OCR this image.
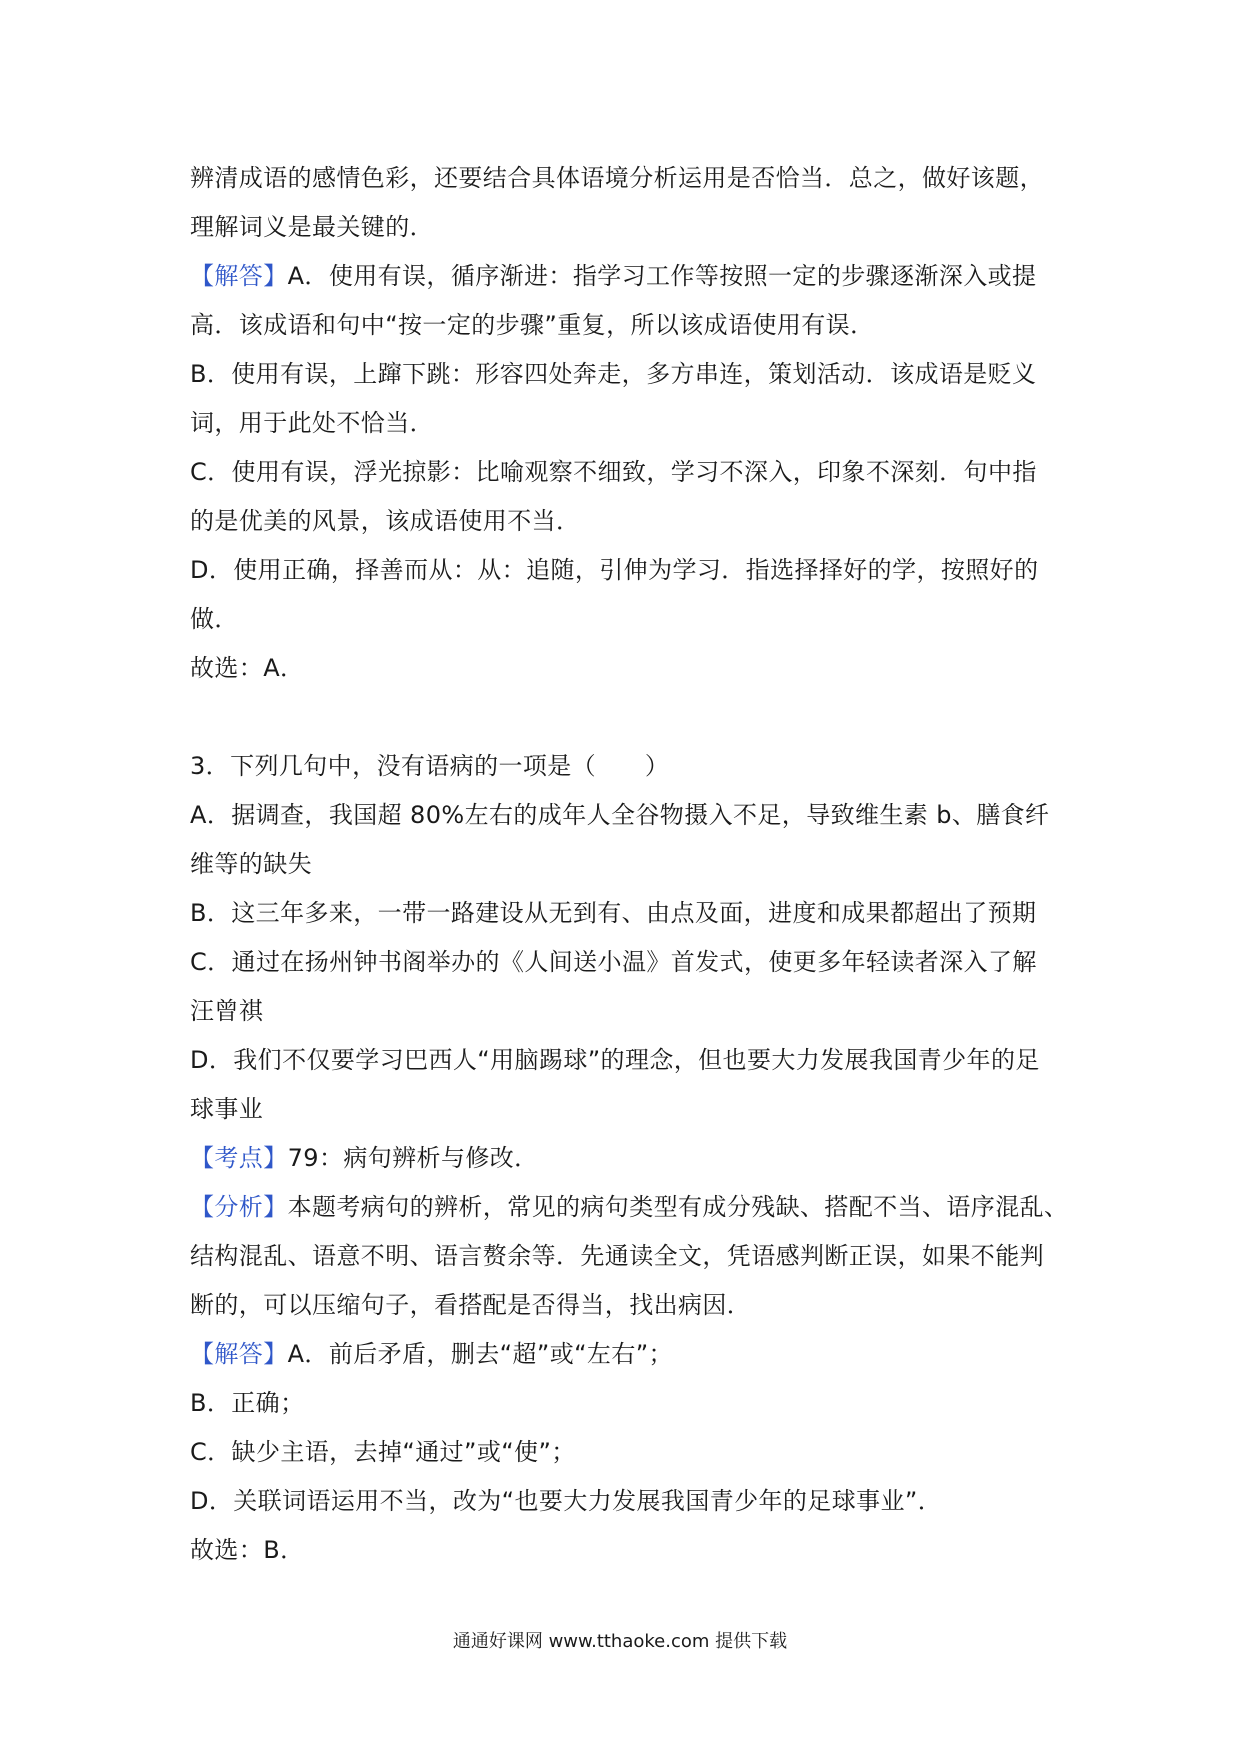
辨清成语的感情色彩，还要结合具体语境分析运用是否恰当．总之，做好该题，
理解词义是最关键的．
【解答】A．使用有误，循序渐进：指学习工作等按照一定的步骤逐渐深入或提
高．该成语和句中“按一定的步骤”重复，所以该成语使用有误．
B．使用有误，上蹿下跳：形容四处奔走，多方串连，策划活动．该成语是贬义
词，用于此处不恰当．
C．使用有误，浮光掠影：比喻观察不细致，学习不深入，印象不深刻．句中指
的是优美的风景，该成语使用不当．
D．使用正确，择善而从：从：追随，引伸为学习．指选择择好的学，按照好的
做．
故选：A．
3．下列几句中，没有语病的一项是（　　）
A．据调查，我国超 80%左右的成年人全谷物摄入不足，导致维生素 b、膳食纤
维等的缺失
B．这三年多来，一带一路建设从无到有、由点及面，进度和成果都超出了预期
C．通过在扬州钟书阁举办的《人间送小温》首发式，使更多年轻读者深入了解
汪曾祺
D．我们不仅要学习巴西人“用脑踢球”的理念，但也要大力发展我国青少年的足
球事业
【考点】79：病句辨析与修改．
【分析】本题考病句的辨析，常见的病句类型有成分残缺、搭配不当、语序混乱、
结构混乱、语意不明、语言赘余等．先通读全文，凭语感判断正误，如果不能判
断的，可以压缩句子，看搭配是否得当，找出病因．
【解答】A．前后矛盾，删去“超”或“左右”；
B．正确；
C．缺少主语，去掉“通过”或“使”；
D．关联词语运用不当，改为“也要大力发展我国青少年的足球事业”．
故选：B．
通通好课网 www.tthaoke.com 提供下载
